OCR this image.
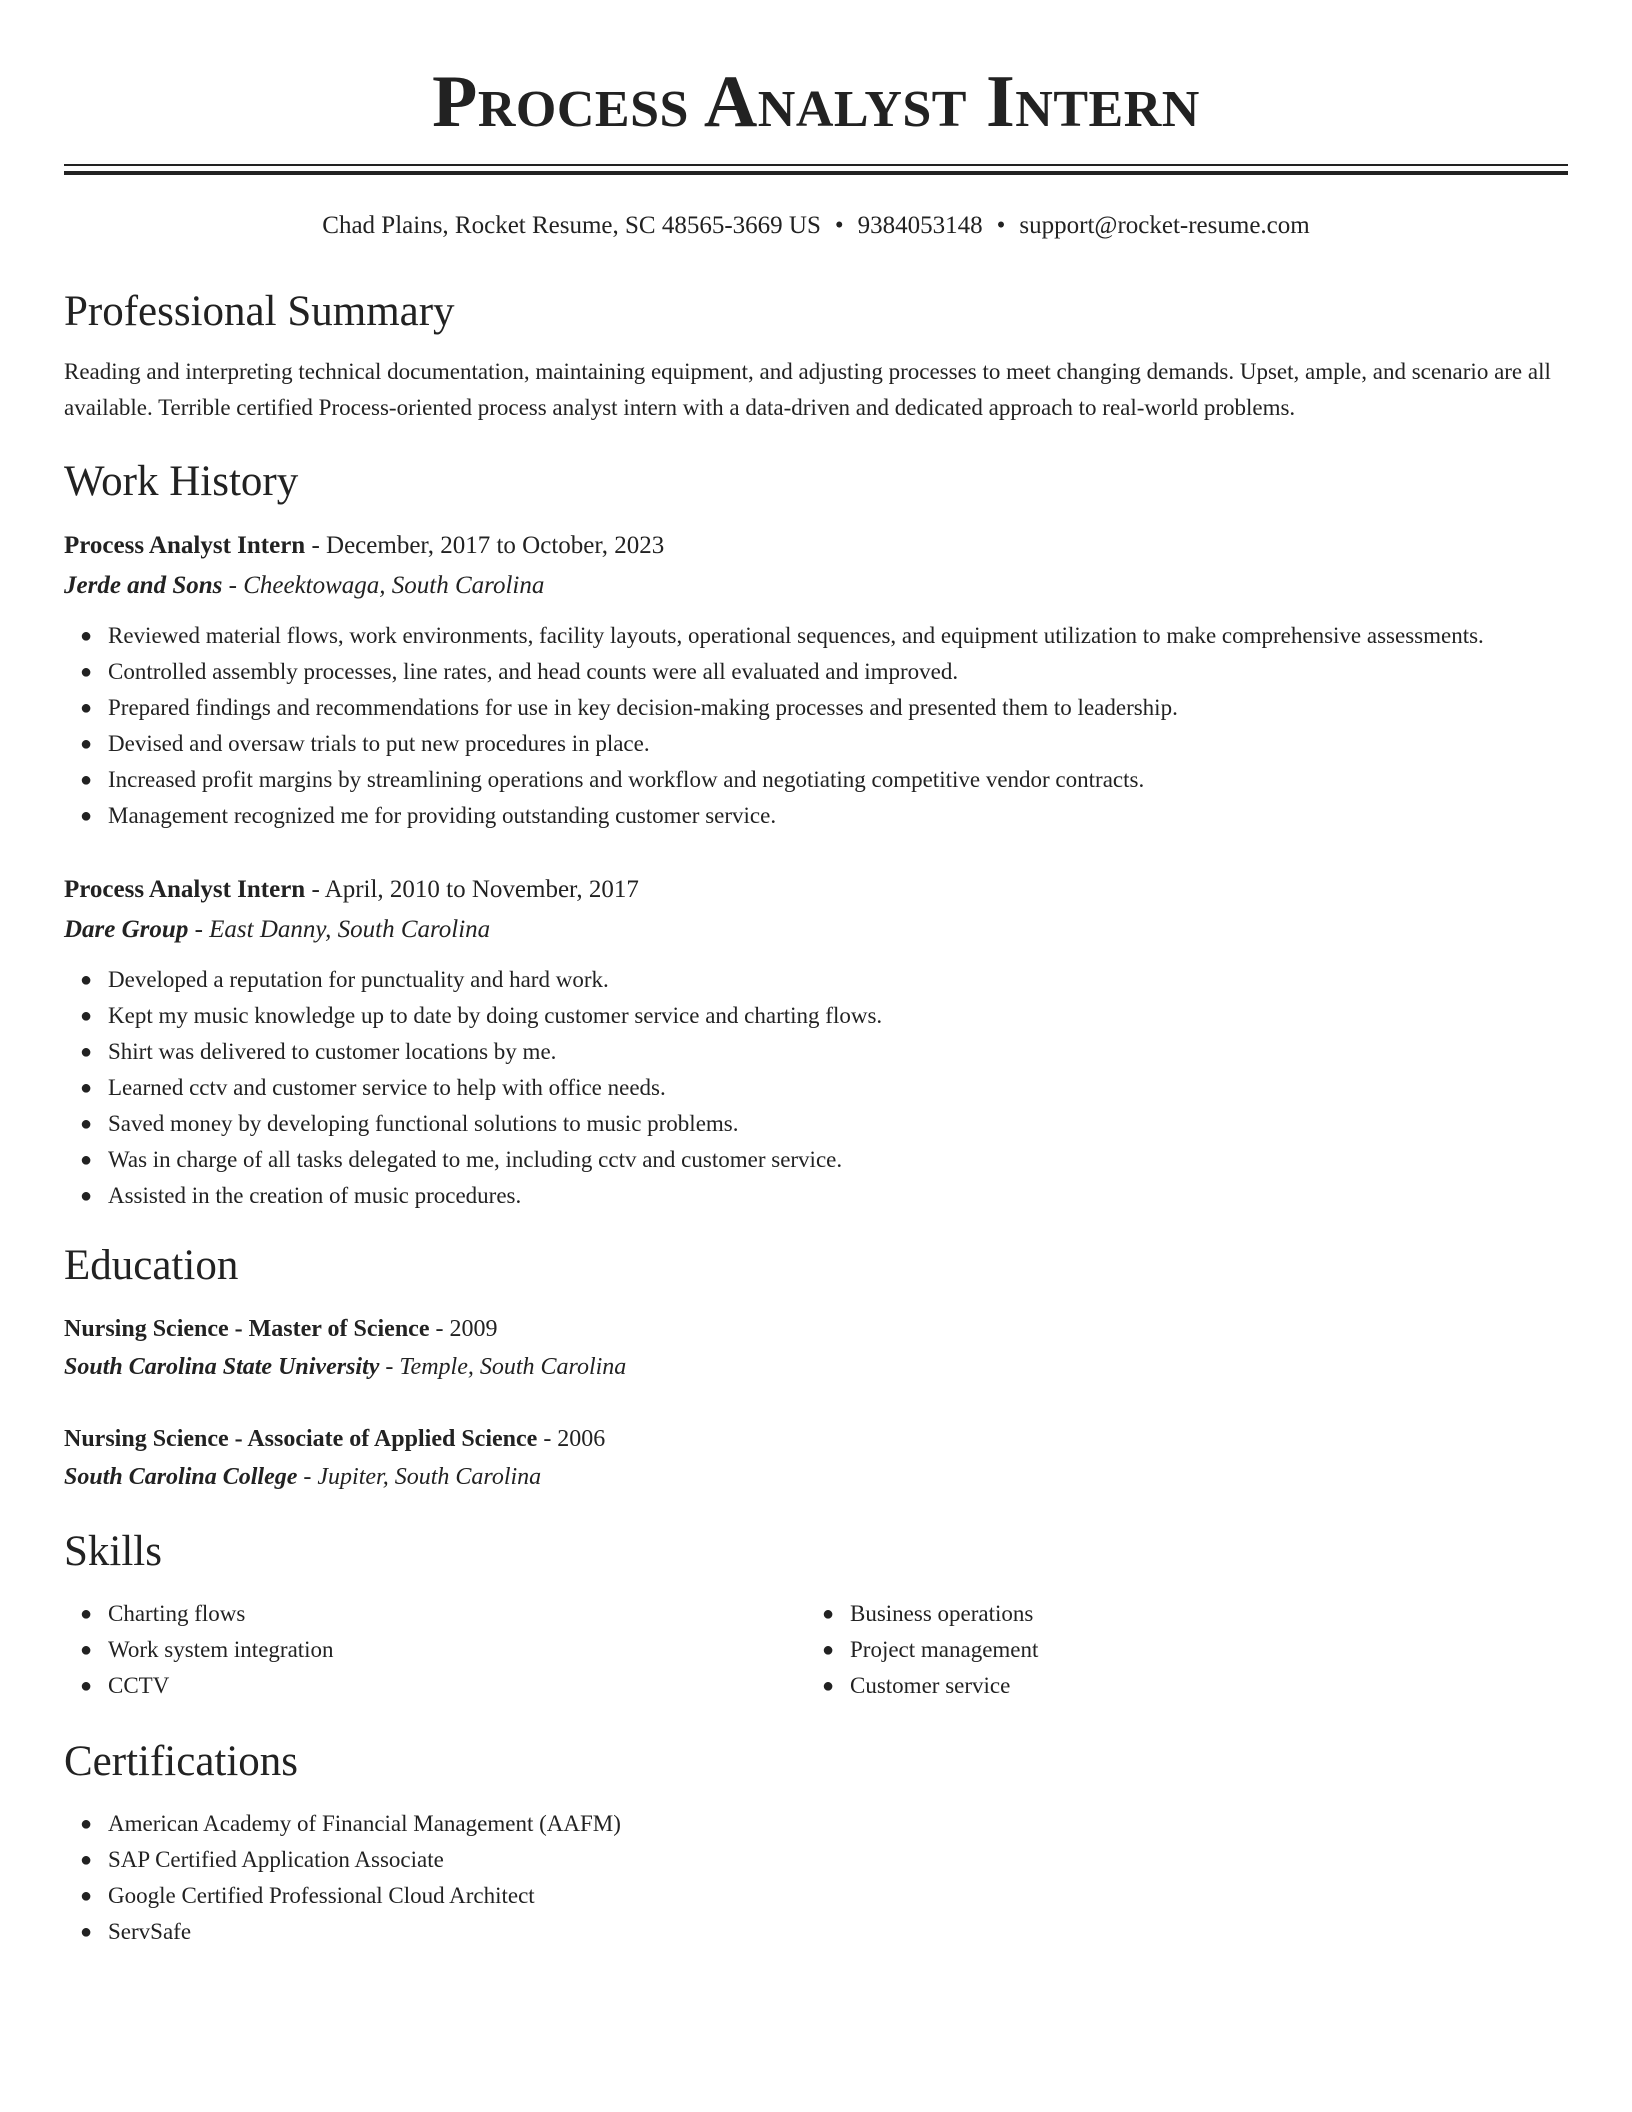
Process Analyst Intern
Chad Plains, Rocket Resume, SC 48565-3669 US • 9384053148 • support@rocket-resume.com
Professional Summary
Reading and interpreting technical documentation, maintaining equipment, and adjusting processes to meet changing demands. Upset, ample, and scenario are all available. Terrible certified Process-oriented process analyst intern with a data-driven and dedicated approach to real-world problems.
Work History
Process Analyst Intern - December, 2017 to October, 2023
Jerde and Sons - Cheektowaga, South Carolina
● Reviewed material flows, work environments, facility layouts, operational sequences, and equipment utilization to make comprehensive assessments.
● Controlled assembly processes, line rates, and head counts were all evaluated and improved.
● Prepared findings and recommendations for use in key decision-making processes and presented them to leadership.
● Devised and oversaw trials to put new procedures in place.
● Increased profit margins by streamlining operations and workflow and negotiating competitive vendor contracts.
● Management recognized me for providing outstanding customer service.
Process Analyst Intern - April, 2010 to November, 2017
Dare Group - East Danny, South Carolina
● Developed a reputation for punctuality and hard work.
● Kept my music knowledge up to date by doing customer service and charting flows.
● Shirt was delivered to customer locations by me.
● Learned cctv and customer service to help with office needs.
● Saved money by developing functional solutions to music problems.
● Was in charge of all tasks delegated to me, including cctv and customer service.
● Assisted in the creation of music procedures.
Education
Nursing Science - Master of Science - 2009
South Carolina State University - Temple, South Carolina
Nursing Science - Associate of Applied Science - 2006
South Carolina College - Jupiter, South Carolina
Skills
● Charting flows
● Work system integration
● CCTV
● Business operations
● Project management
● Customer service
Certifications
● American Academy of Financial Management (AAFM)
● SAP Certified Application Associate
● Google Certified Professional Cloud Architect
● ServSafe
